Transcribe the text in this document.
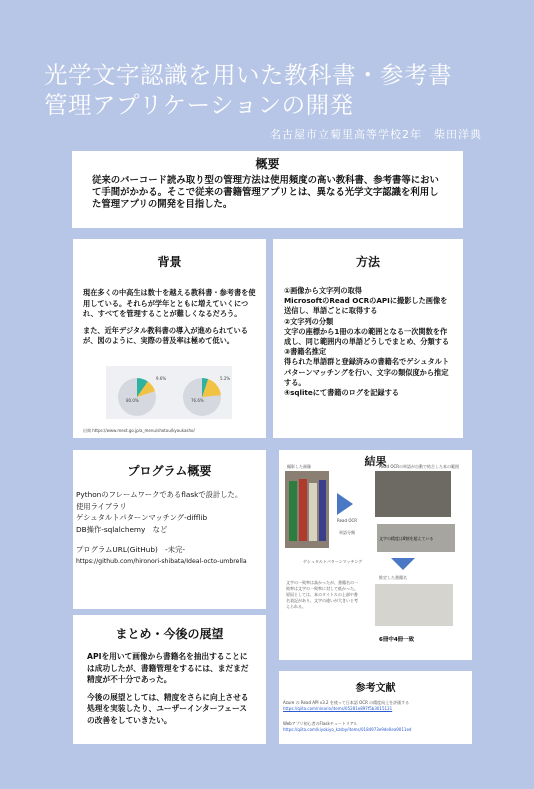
光学文字認識を用いた教科書・参考書
管理アプリケーションの開発
名古屋市立菊里高等学校2年　柴田洋典
概要
従来のバーコード読み取り型の管理方法は使用頻度の高い教科書、参考書等において手間がかかる。そこで従来の書籍管理アプリとは、異なる光学文字認識を利用した管理アプリの開発を目指した。
背景

現在多くの中高生は数十を越える教科書・参考書を使用している。それらが学年とともに増えていくにつれ、すべてを管理することが難しくなるだろう。

また、近年デジタル教科書の導入が進められているが、図のように、実際の普及率は極めて低い。

9.6%	5.2%
80.0%	76.6%
出典 https://www.mext.go.jp/a_menu/shotou/kyoukasho/
方法
①画像から文字列の取得
MicrosoftのRead OCRのAPIに撮影した画像を送信し、単語ごとに取得する
②文字列の分類
文字の座標から1冊の本の範囲となる一次関数を作成し、同じ範囲内の単語どうしでまとめ、分類する
③書籍名推定
得られた単語群と登録済みの書籍名でゲシュタルトパターンマッチングを行い、文字の類似度から推定する。
④sqliteにて書籍のログを記録する
プログラム概要
Pythonのフレームワークであるflaskで設計した。
使用ライブラリ
ゲシュタルトパターンマッチング-difflib
DB操作-sqlalchemy　など
プログラムURL(GitHub)　-未完-
https://github.com/hironori-shibata/Ideal-octo-umbrella
まとめ・今後の展望

APIを用いて画像から書籍名を抽出することには成功したが、書籍管理をするには、まだまだ精度が不十分であった。

今後の展望としては、精度をさらに向上させる処理を実装したり、ユーザーインターフェースの改善をしていきたい。

結果
撮影した画像	Read OCRの単語が自動で結合した本の範囲
Read OCR
単語分類
文字の精度は8割を超えている
ゲシュタルトパターンマッチング
推定した書籍名
文字の一致率は高かったが、書籍名の一致率は文字の一致率に対して低かった。原因としては、本のタイトルの上部や書名表記があり、文字の違いが大きいと考えられる。
6冊中4冊一致
参考文献
Azure の Read API v3.2 を使って日本語 OCR の精度向上を評価する
https://qiita.com/ninarin/items/05281e897f5b3015131
Webアプリ初心者のFlaskチュートリアル
https://qiita.com/kiyokiyo_kzsby/items/0184973e9de0ea9011ed
